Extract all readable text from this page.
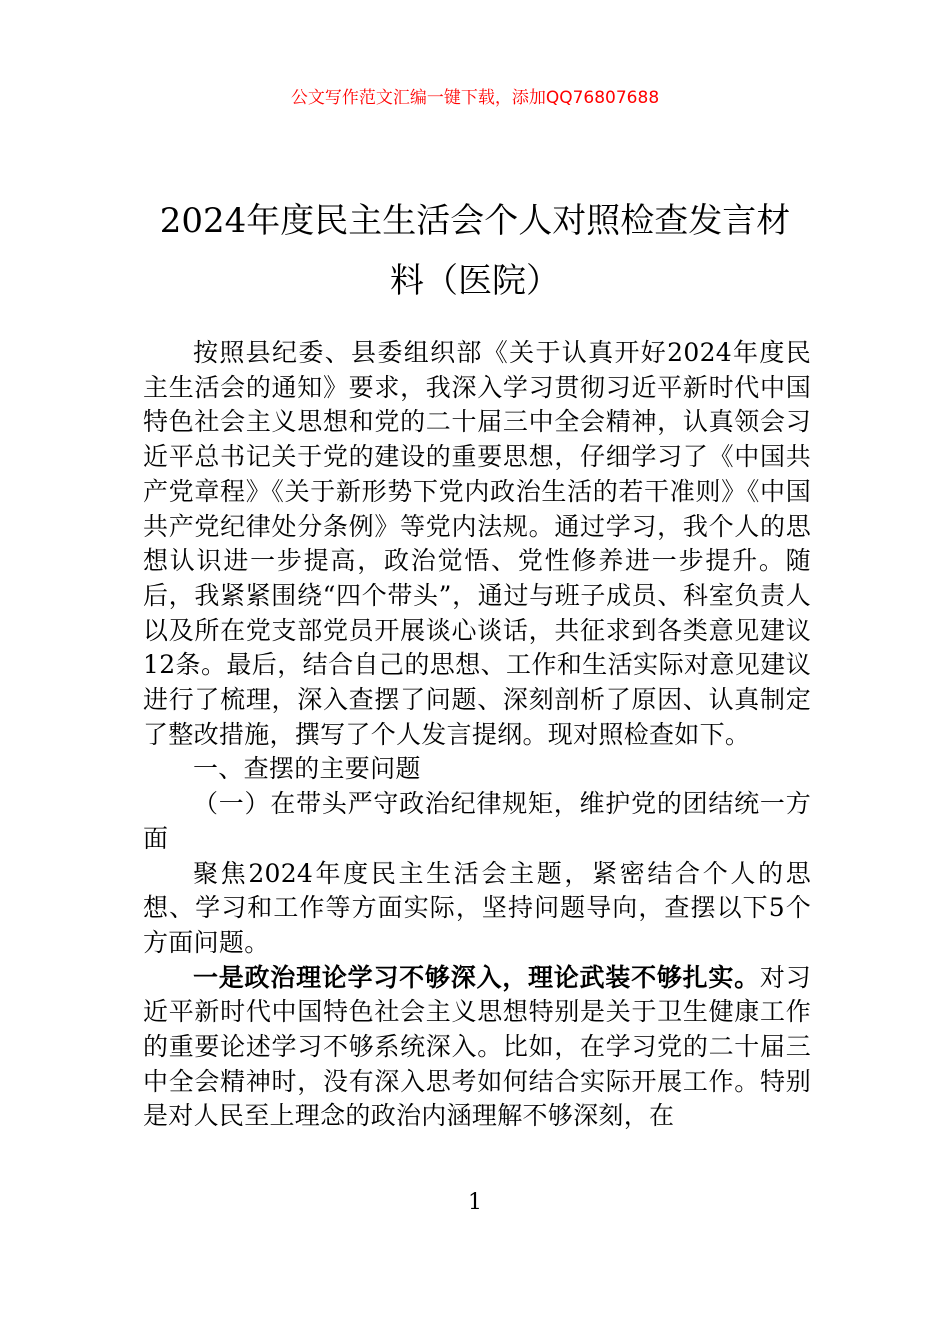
公文写作范文汇编一键下载，添加QQ76807688
2024年度民主生活会个人对照检查发言材
料（医院）

按照县纪委、县委组织部《关于认真开好2024年度民主生活会的通知》要求，我深入学习贯彻习近平新时代中国特色社会主义思想和党的二十届三中全会精神，认真领会习近平总书记关于党的建设的重要思想，仔细学习了《中国共产党章程》《关于新形势下党内政治生活的若干准则》《中国共产党纪律处分条例》等党内法规。通过学习，我个人的思想认识进一步提高，政治觉悟、党性修养进一步提升。随后，我紧紧围绕“四个带头”，通过与班子成员、科室负责人以及所在党支部党员开展谈心谈话，共征求到各类意见建议12条。最后，结合自己的思想、工作和生活实际对意见建议进行了梳理，深入查摆了问题、深刻剖析了原因、认真制定了整改措施，撰写了个人发言提纲。现对照检查如下。

一、查摆的主要问题

（一）在带头严守政治纪律规矩，维护党的团结统一方面

聚焦2024年度民主生活会主题，紧密结合个人的思想、学习和工作等方面实际，坚持问题导向，查摆以下5个方面问题。

一是政治理论学习不够深入，理论武装不够扎实。对习近平新时代中国特色社会主义思想特别是关于卫生健康工作的重要论述学习不够系统深入。比如，在学习党的二十届三中全会精神时，没有深入思考如何结合实际开展工作。特别是对人民至上理念的政治内涵理解不够深刻，在

1
